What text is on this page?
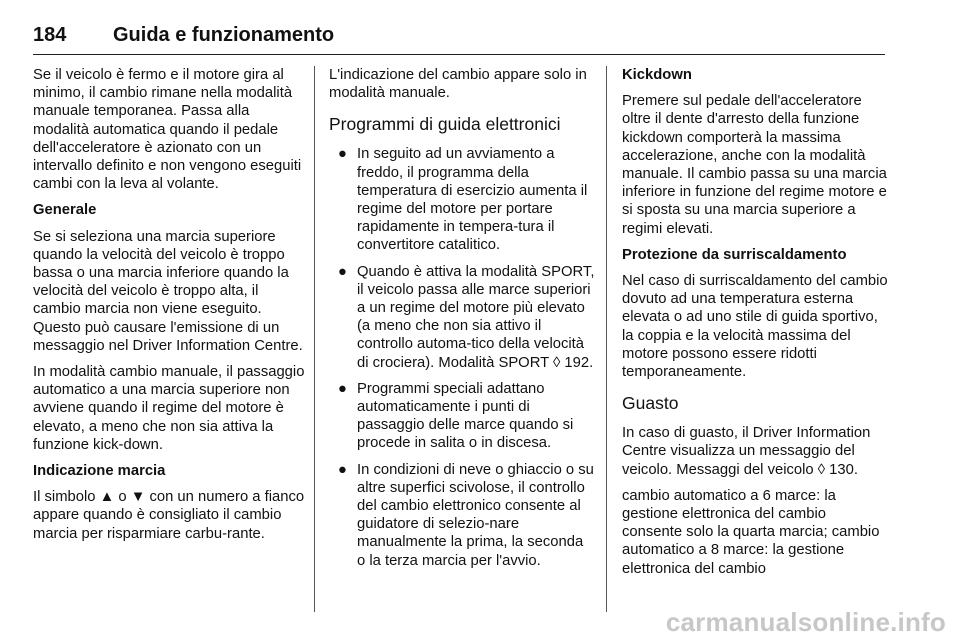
184 Guida e funzionamento

Se il veicolo è fermo e il motore gira al minimo, il cambio rimane nella modalità manuale temporanea. Passa alla modalità automatica quando il pedale dell'acceleratore è azionato con un intervallo definito e non vengono eseguiti cambi con la leva al volante.

Generale

Se si seleziona una marcia superiore quando la velocità del veicolo è troppo bassa o una marcia inferiore quando la velocità del veicolo è troppo alta, il cambio marcia non viene eseguito. Questo può causare l'emissione di un messaggio nel Driver Information Centre.

In modalità cambio manuale, il passaggio automatico a una marcia superiore non avviene quando il regime del motore è elevato, a meno che non sia attiva la funzione kick-down.

Indicazione marcia

Il simbolo ▲ o ▼ con un numero a fianco appare quando è consigliato il cambio marcia per risparmiare carbu-rante.

L'indicazione del cambio appare solo in modalità manuale.

Programmi di guida elettronici
● In seguito ad un avviamento a freddo, il programma della temperatura di esercizio aumenta il regime del motore per portare rapidamente in tempera-tura il convertitore catalitico.
● Quando è attiva la modalità SPORT, il veicolo passa alle marce superiori a un regime del motore più elevato (a meno che non sia attivo il controllo automa-tico della velocità di crociera). Modalità SPORT ◊ 192.
● Programmi speciali adattano automaticamente i punti di passaggio delle marce quando si procede in salita o in discesa.
● In condizioni di neve o ghiaccio o su altre superfici scivolose, il controllo del cambio elettronico consente al guidatore di selezio-nare manualmente la prima, la seconda o la terza marcia per l'avvio.

Kickdown

Premere sul pedale dell'acceleratore oltre il dente d'arresto della funzione kickdown comporterà la massima accelerazione, anche con la modalità manuale. Il cambio passa su una marcia inferiore in funzione del regime motore e si sposta su una marcia superiore a regimi elevati.

Protezione da surriscaldamento

Nel caso di surriscaldamento del cambio dovuto ad una temperatura esterna elevata o ad uno stile di guida sportivo, la coppia e la velocità massima del motore possono essere ridotti temporaneamente.

Guasto

In caso di guasto, il Driver Information Centre visualizza un messaggio del veicolo. Messaggi del veicolo ◊ 130.

cambio automatico a 6 marce: la gestione elettronica del cambio consente solo la quarta marcia; cambio automatico a 8 marce: la gestione elettronica del cambio

carmanualsonline.info
